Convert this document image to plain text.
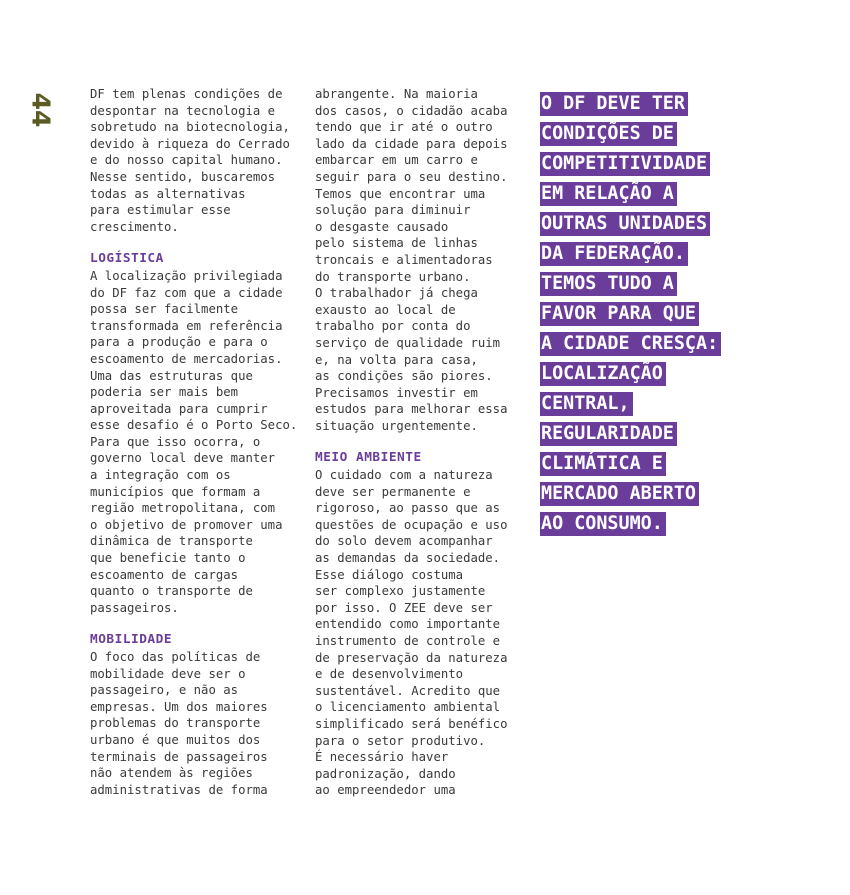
44	DF tem plenas condições de
despontar na tecnologia e
sobretudo na biotecnologia,
devido à riqueza do Cerrado
e do nosso capital humano.
Nesse sentido, buscaremos
todas as alternativas
para estimular esse
crescimento.
LOGÍSTICA
A localização privilegiada
do DF faz com que a cidade
possa ser facilmente
transformada em referência
para a produção e para o
escoamento de mercadorias.
Uma das estruturas que
poderia ser mais bem
aproveitada para cumprir
esse desafio é o Porto Seco.
Para que isso ocorra, o
governo local deve manter
a integração com os
municípios que formam a
região metropolitana, com
o objetivo de promover uma
dinâmica de transporte
que beneficie tanto o
escoamento de cargas
quanto o transporte de
passageiros.
MOBILIDADE
O foco das políticas de
mobilidade deve ser o
passageiro, e não as
empresas. Um dos maiores
problemas do transporte
urbano é que muitos dos
terminais de passageiros
não atendem às regiões
administrativas de forma
abrangente. Na maioria
dos casos, o cidadão acaba
tendo que ir até o outro
lado da cidade para depois
embarcar em um carro e
seguir para o seu destino.
Temos que encontrar uma
solução para diminuir
o desgaste causado
pelo sistema de linhas
troncais e alimentadoras
do transporte urbano.
O trabalhador já chega
exausto ao local de
trabalho por conta do
serviço de qualidade ruim
e, na volta para casa,
as condições são piores.
Precisamos investir em
estudos para melhorar essa
situação urgentemente.
MEIO AMBIENTE
O cuidado com a natureza
deve ser permanente e
rigoroso, ao passo que as
questões de ocupação e uso
do solo devem acompanhar
as demandas da sociedade.
Esse diálogo costuma
ser complexo justamente
por isso. O ZEE deve ser
entendido como importante
instrumento de controle e
de preservação da natureza
e de desenvolvimento
sustentável. Acredito que
o licenciamento ambiental
simplificado será benéfico
para o setor produtivo.
É necessário haver
padronização, dando
ao empreendedor uma
O DF DEVE TER
CONDIÇÕES DE
COMPETITIVIDADE
EM RELAÇÃO A
OUTRAS UNIDADES
DA FEDERAÇÃO.
TEMOS TUDO A
FAVOR PARA QUE
A CIDADE CRESÇA:
LOCALIZAÇÃO
CENTRAL,
REGULARIDADE
CLIMÁTICA E
MERCADO ABERTO
AO CONSUMO.
